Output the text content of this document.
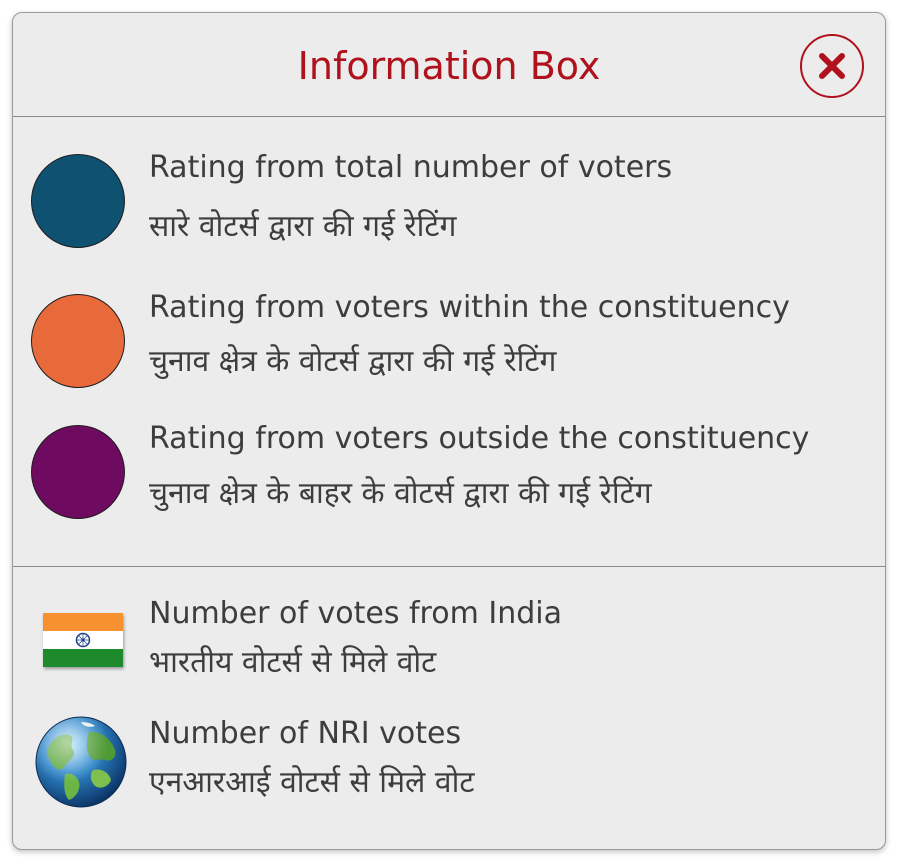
Information Box
Rating from total number of voters
सारे वोटर्स द्वारा की गई रेटिंग
Rating from voters within the constituency
चुनाव क्षेत्र के वोटर्स द्वारा की गई रेटिंग
Rating from voters outside the constituency
चुनाव क्षेत्र के बाहर के वोटर्स द्वारा की गई रेटिंग
Number of votes from India
भारतीय वोटर्स से मिले वोट
Number of NRI votes
एनआरआई वोटर्स से मिले वोट
